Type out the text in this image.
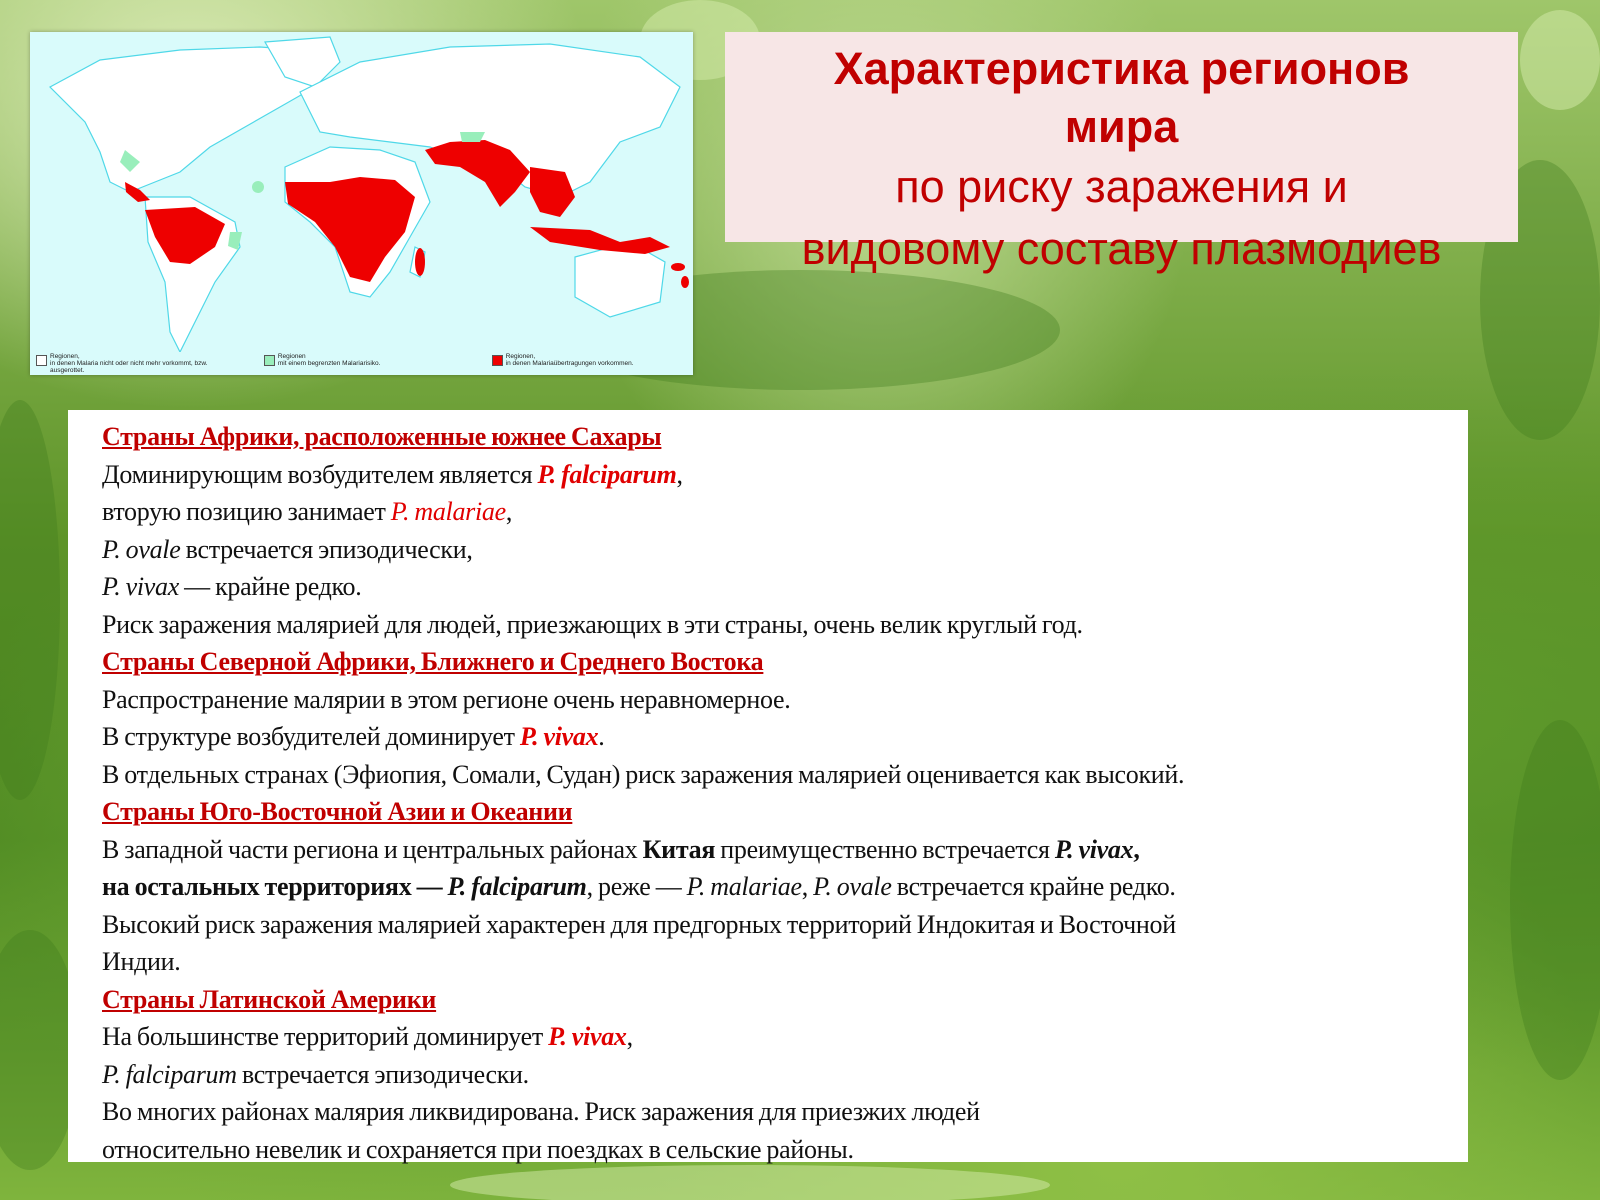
Regionen,
in denen Malaria nicht oder nicht mehr vorkommt, bzw. ausgerottet.
Regionen
mit einem begrenzten Malariarisiko.
Regionen,
in denen Malariaübertragungen vorkommen.
Характеристика регионов
мира
по риску заражения и
видовому составу плазмодиев
Страны Африки, расположенные южнее Сахары
Доминирующим возбудителем является P. falciparum,
вторую позицию занимает P. malariae,
P. ovale встречается эпизодически,
P. vivax — крайне редко.
Риск заражения малярией для людей, приезжающих в эти страны, очень велик круглый год.
Страны Северной Африки, Ближнего и Среднего Востока
Распространение малярии в этом регионе очень неравномерное.
В структуре возбудителей доминирует P. vivax.
В отдельных странах (Эфиопия, Сомали, Судан) риск заражения малярией оценивается как высокий.
Страны Юго-Восточной Азии и Океании
В западной части региона и центральных районах Китая преимущественно встречается P. vivax,
на остальных территориях — P. falciparum, реже — P. malariae, P. ovale встречается крайне редко.
Высокий риск заражения малярией характерен для предгорных территорий Индокитая и Восточной
Индии.
Страны Латинской Америки
На большинстве территорий доминирует P. vivax,
P. falciparum встречается эпизодически.
Во многих районах малярия ликвидирована. Риск заражения для приезжих людей
относительно невелик и сохраняется при поездках в сельские районы.
